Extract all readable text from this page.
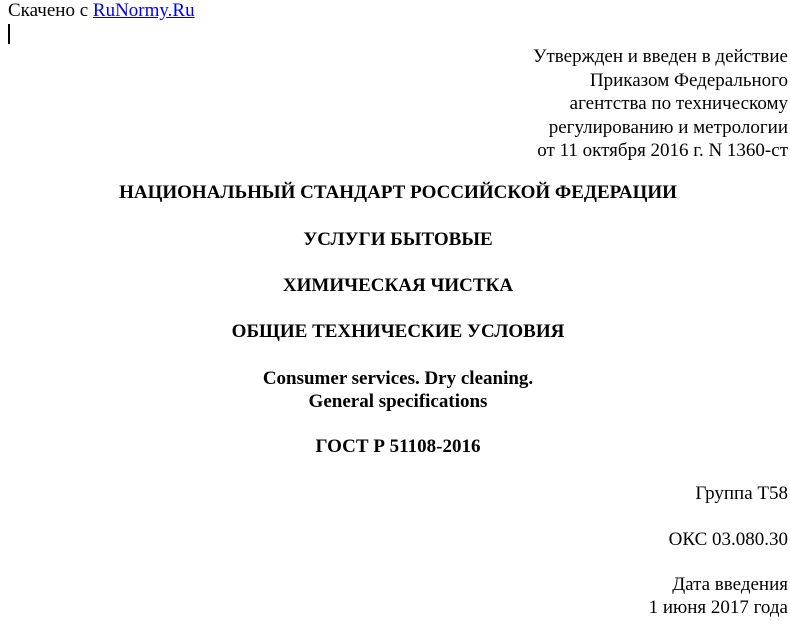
Скачено с RuNormy.Ru
Утвержден и введен в действие
Приказом Федерального
агентства по техническому
регулированию и метрологии
от 11 октября 2016 г. N 1360-ст
НАЦИОНАЛЬНЫЙ СТАНДАРТ РОССИЙСКОЙ ФЕДЕРАЦИИ
УСЛУГИ БЫТОВЫЕ
ХИМИЧЕСКАЯ ЧИСТКА
ОБЩИЕ ТЕХНИЧЕСКИЕ УСЛОВИЯ
Consumer services. Dry cleaning.
General specifications
ГОСТ Р 51108-2016
Группа Т58
ОКС 03.080.30
Дата введения
1 июня 2017 года
